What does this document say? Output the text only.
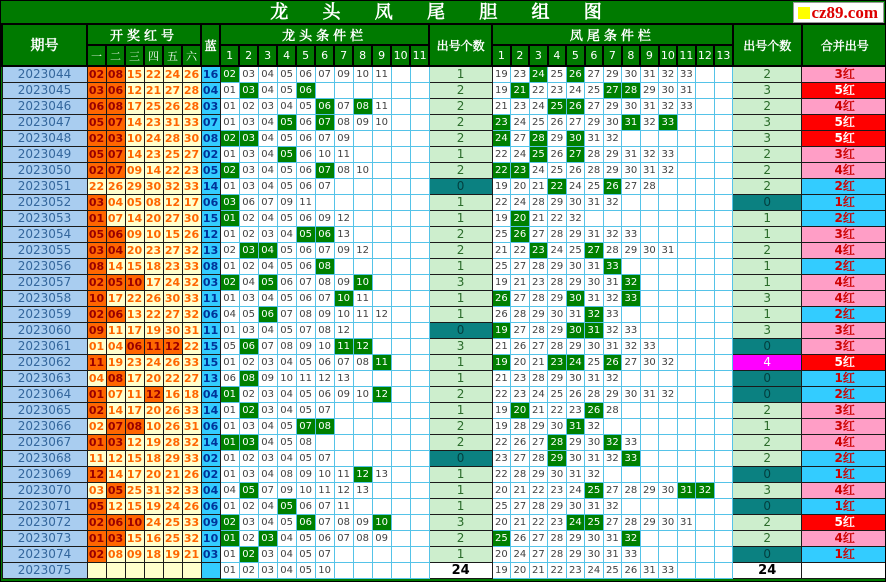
龙 头 凤 尾 胆 组 图	cz89.com
期号	开奖红号						蓝	龙头条件栏											出号个数	凤尾条件栏													出号个数	合并出号
	一	二	三	四	五	六		1	2	3	4	5	6	7	8	9	10	11		1	2	3	4	5	6	7	8	9	10	11	12	13		
2023044	02	08	15	22	24	26	16	02	03	04	05	06	07	09	10	11			1	19	23	24	25	26	27	29	30	31	32	33			2	3红
2023045	03	06	12	21	27	28	04	01	03	04	05	06							2	19	21	22	23	24	25	27	28	29	30	31			3	5红
2023046	06	08	17	25	26	28	03	01	02	03	04	05	06	07	08	11			2	21	23	24	25	26	27	29	30	31	32	33			2	4红
2023047	05	07	14	23	31	33	07	01	03	04	05	06	07	08	09	10			2	23	24	25	26	27	29	30	31	32	33				3	5红
2023048	02	03	10	24	28	30	08	02	03	04	05	06	07	09					2	24	27	28	29	30	31	32							3	5红
2023049	05	07	14	23	25	27	02	01	03	04	05	06	10	11					1	22	24	25	26	27	28	29	31	32	33				2	3红
2023050	02	07	09	14	22	23	05	02	03	04	05	06	07	08	10				2	22	23	24	25	26	28	29	30	31	32				2	4红
2023051	22	26	29	30	32	33	14	01	03	04	05	06	07						0	19	20	21	22	24	25	26	27	28					2	2红
2023052	03	04	05	08	12	17	06	03	06	07	09	11							1	22	24	28	29	30	31	32							0	1红
2023053	01	07	14	20	27	30	15	01	02	04	05	06	09	12					1	19	20	21	22	32									1	2红
2023054	05	06	09	10	15	26	12	01	02	03	04	05	06	13					2	25	26	27	28	29	31	32	33						1	3红
2023055	03	04	20	23	27	32	13	02	03	04	05	06	07	09	12				2	21	22	23	24	25	27	28	29	30	31				2	4红
2023056	08	14	15	18	23	33	08	01	02	04	05	06	08						1	25	27	28	29	30	31	33							1	2红
2023057	02	05	10	17	24	32	03	02	04	05	06	07	08	09	10				3	19	21	23	28	29	30	31	32						1	4红
2023058	10	17	22	26	30	33	11	01	03	04	05	06	07	10	11				1	26	27	28	29	30	31	32	33						3	4红
2023059	02	06	13	22	27	32	06	04	05	06	07	08	09	10	11	12			1	26	28	29	30	31	32	33							1	2红
2023060	09	11	17	19	30	31	11	01	03	04	05	07	08	12					0	19	27	28	29	30	31	32	33						3	3红
2023061	01	04	06	11	12	22	15	05	06	07	08	09	10	11	12				3	21	26	27	28	29	30	31	32	33					0	3红
2023062	11	19	23	24	26	33	15	01	02	03	04	05	06	07	08	11			1	19	20	21	23	24	25	26	27	30	32				4	5红
2023063	04	08	17	20	22	27	13	06	08	09	10	11	12	13					1	21	23	28	29	30	31	32							0	1红
2023064	01	07	11	12	16	18	04	01	02	03	04	05	06	09	10	12			2	22	23	24	25	26	28	29	30	31	32				0	2红
2023065	02	14	17	20	26	33	14	01	02	03	04	05	07						1	19	20	21	22	23	26	28							2	3红
2023066	02	07	08	10	26	31	06	01	03	04	05	07	08						2	19	28	29	30	31	32								1	3红
2023067	01	03	12	19	28	32	14	01	03	04	05	08							2	22	26	27	28	29	30	32	33						2	4红
2023068	11	12	15	18	29	33	02	01	02	03	04	05	07						0	23	27	28	29	30	31	32	33						2	2红
2023069	12	14	17	20	21	26	02	01	03	04	08	09	10	11	12	13			1	22	28	29	30	31	32								0	1红
2023070	03	05	25	31	32	33	04	04	05	07	09	10	11	12	13				1	20	21	22	23	24	25	27	28	29	30	31	32		3	4红
2023071	05	12	15	19	24	26	06	01	02	04	05	06	07	11					1	25	27	28	29	30	31	32							0	1红
2023072	02	06	10	24	25	33	09	02	03	04	05	06	07	08	09	10			3	20	21	22	23	24	25	27	28	29	30	31			2	5红
2023073	01	03	15	16	25	32	10	01	02	03	04	05	06	07	08	09			2	25	26	27	28	29	30	31	32						2	4红
2023074	02	08	09	18	19	21	03	01	02	03	04	05	07						1	20	24	27	28	29	30	31	33						0	1红
2023075								01	02	03	04	05	10						24	19	20	21	22	23	24	25	26	31	33				24	
